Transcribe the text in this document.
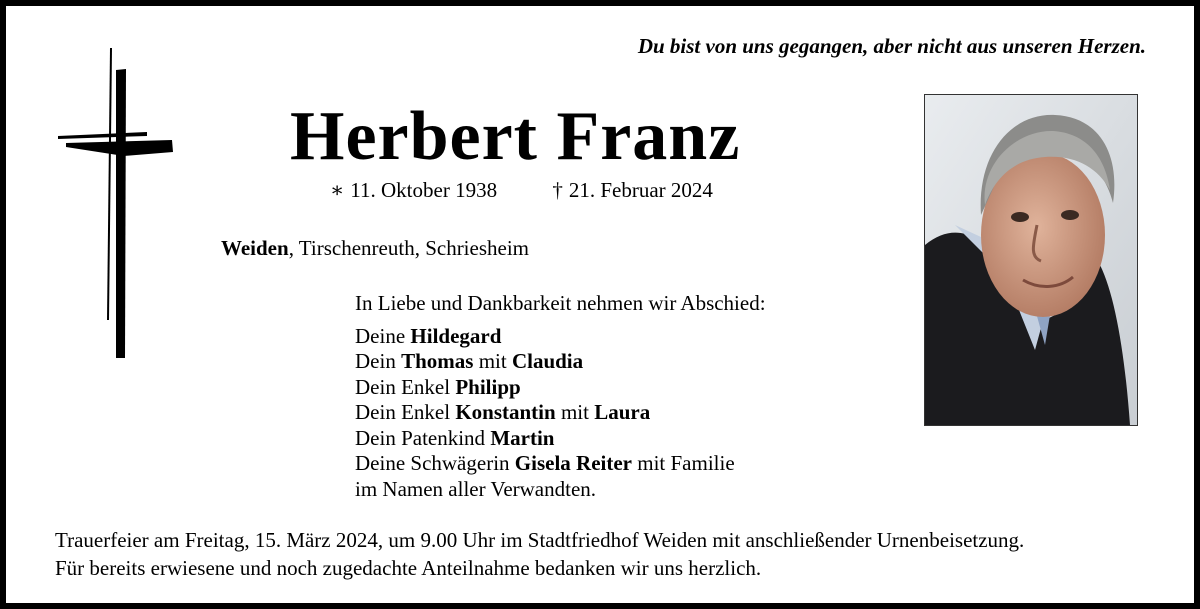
Du bist von uns gegangen, aber nicht aus unseren Herzen.
Herbert Franz
∗ 11. Oktober 1938	† 21. Februar 2024
Weiden, Tirschenreuth, Schriesheim
In Liebe und Dankbarkeit nehmen wir Abschied:
Deine Hildegard
Dein Thomas mit Claudia
Dein Enkel Philipp
Dein Enkel Konstantin mit Laura
Dein Patenkind Martin
Deine Schwägerin Gisela Reiter mit Familie
im Namen aller Verwandten.
Trauerfeier am Freitag, 15. März 2024, um 9.00 Uhr im Stadtfriedhof Weiden mit anschließender Urnenbeisetzung.
Für bereits erwiesene und noch zugedachte Anteilnahme bedanken wir uns herzlich.
